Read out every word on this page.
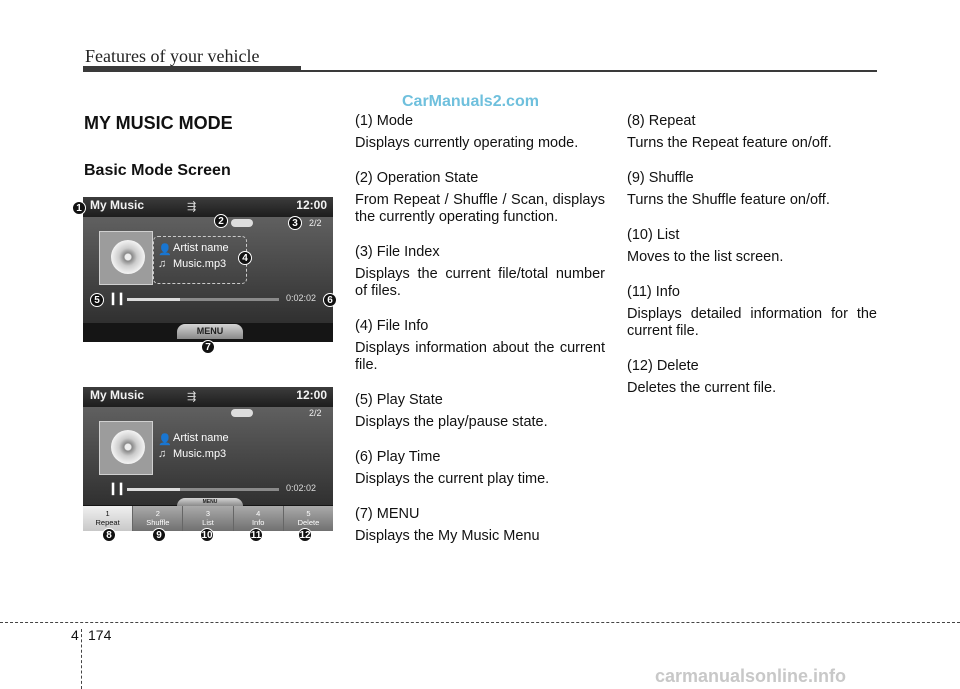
Features of your vehicle
CarManuals2.com
MY MUSIC MODE
Basic Mode Screen
My Music	⇶	12:00
2/2
👤 Artist name
♫ Music.mp3
❙❙	0:02:02
MENU
My Music	⇶	12:00
2/2
👤 Artist name
♫ Music.mp3
❙❙	0:02:02
MENU
1
Repeat
2
Shuffle
3
List
4
Info
5
Delete
1
2	3
4
5	6
7
8	9	10	11	12
(1) Mode
Displays currently operating mode.
(2) Operation State
From Repeat / Shuffle / Scan, displays the currently operating function.
(3) File Index
Displays the current file/total number of files.
(4) File Info
Displays information about the current file.
(5) Play State
Displays the play/pause state.
(6) Play Time
Displays the current play time.
(7) MENU
Displays the My Music Menu
(8) Repeat
Turns the Repeat feature on/off.
(9) Shuffle
Turns the Shuffle feature on/off.
(10) List
Moves to the list screen.
(11) Info
Displays detailed information for the current file.
(12) Delete
Deletes the current file.
4 174
carmanualsonline.info
